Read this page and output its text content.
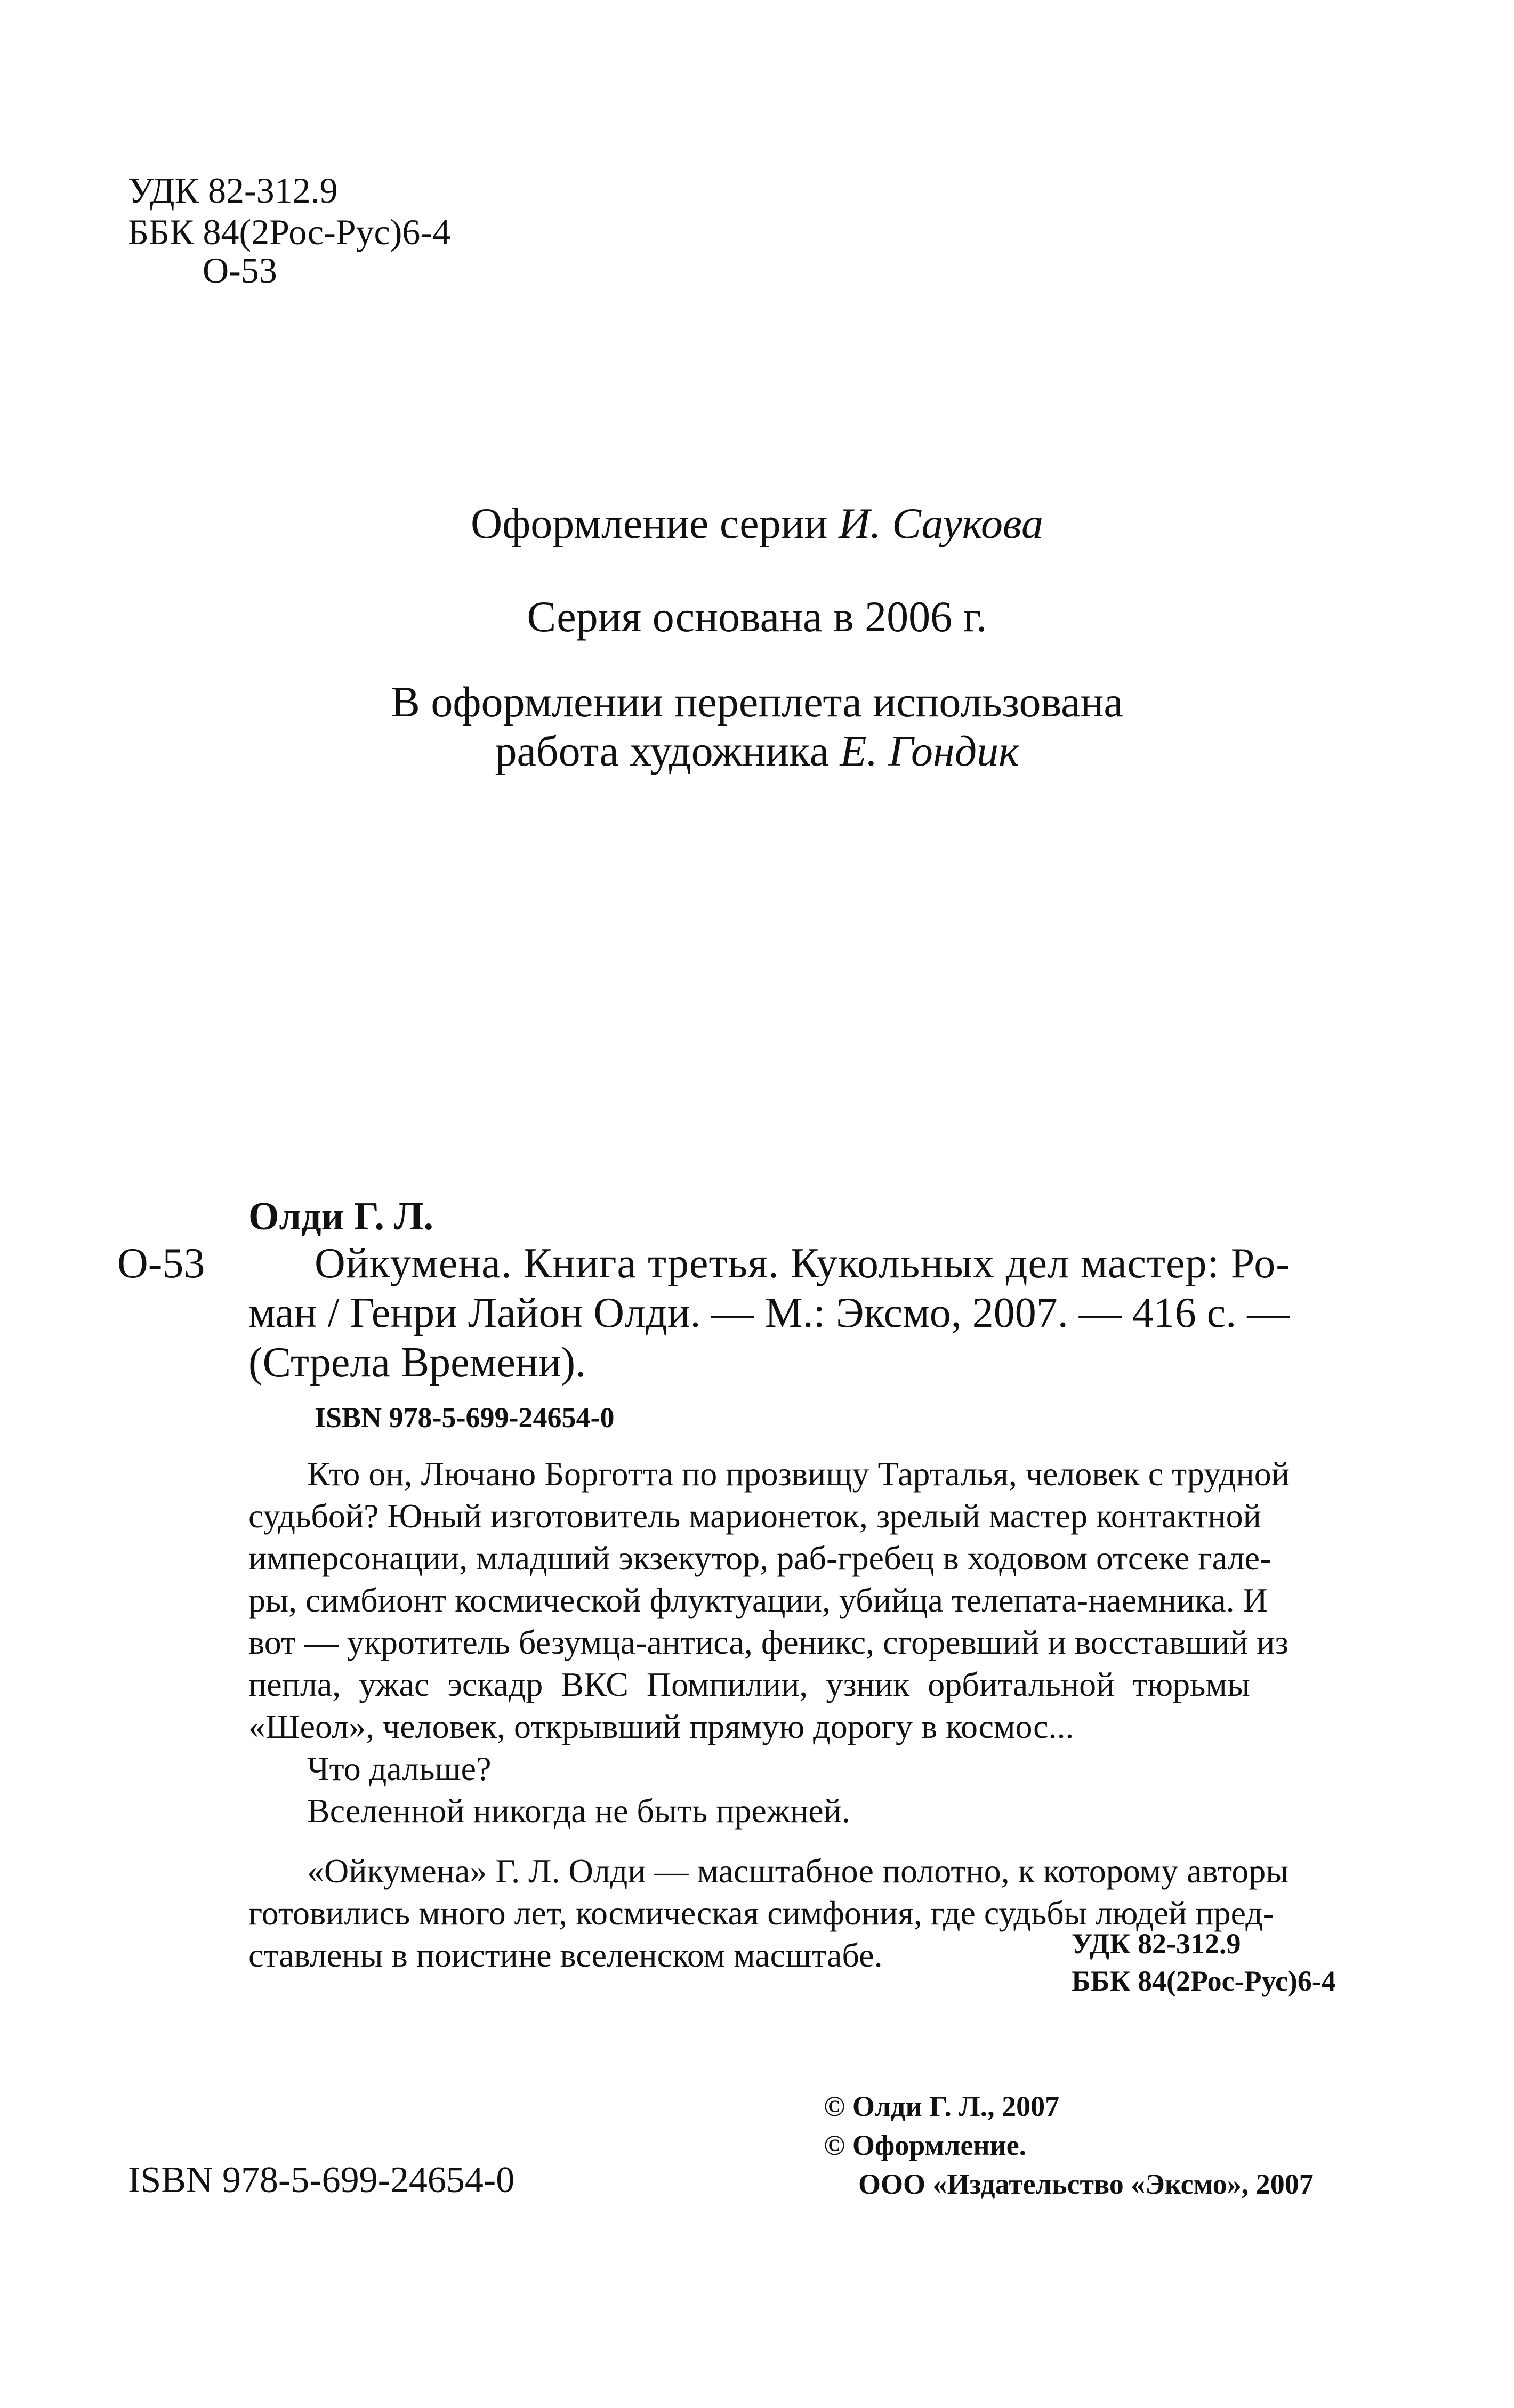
УДК 82-312.9
ББК 84(2Рос-Рус)6-4
О-53
Оформление серии И. Саукова
Серия основана в 2006 г.
В оформлении переплета использована
работа художника Е. Гондик
Олди Г. Л.
О-53	Ойкумена. Книга третья. Кукольных дел мастер: Ро-
ман / Генри Лайон Олди. — М.: Эксмо, 2007. — 416 с. —
(Стрела Времени).
ISBN 978-5-699-24654-0
Кто он, Лючано Борготта по прозвищу Тарталья, человек с трудной
судьбой? Юный изготовитель марионеток, зрелый мастер контактной
имперсонации, младший экзекутор, раб-гребец в ходовом отсеке гале-
ры, симбионт космической флуктуации, убийца телепата-наемника. И
вот — укротитель безумца-антиса, феникс, сгоревший и восставший из
пепла, ужас эскадр ВКС Помпилии, узник орбитальной тюрьмы
«Шеол», человек, открывший прямую дорогу в космос...
Что дальше?
Вселенной никогда не быть прежней.
«Ойкумена» Г. Л. Олди — масштабное полотно, к которому авторы
готовились много лет, космическая симфония, где судьбы людей пред-
ставлены в поистине вселенском масштабе.	УДК 82-312.9
ББК 84(2Рос-Рус)6-4
ISBN 978-5-699-24654-0
© Олди Г. Л., 2007
© Оформление.
ООО «Издательство «Эксмо», 2007
